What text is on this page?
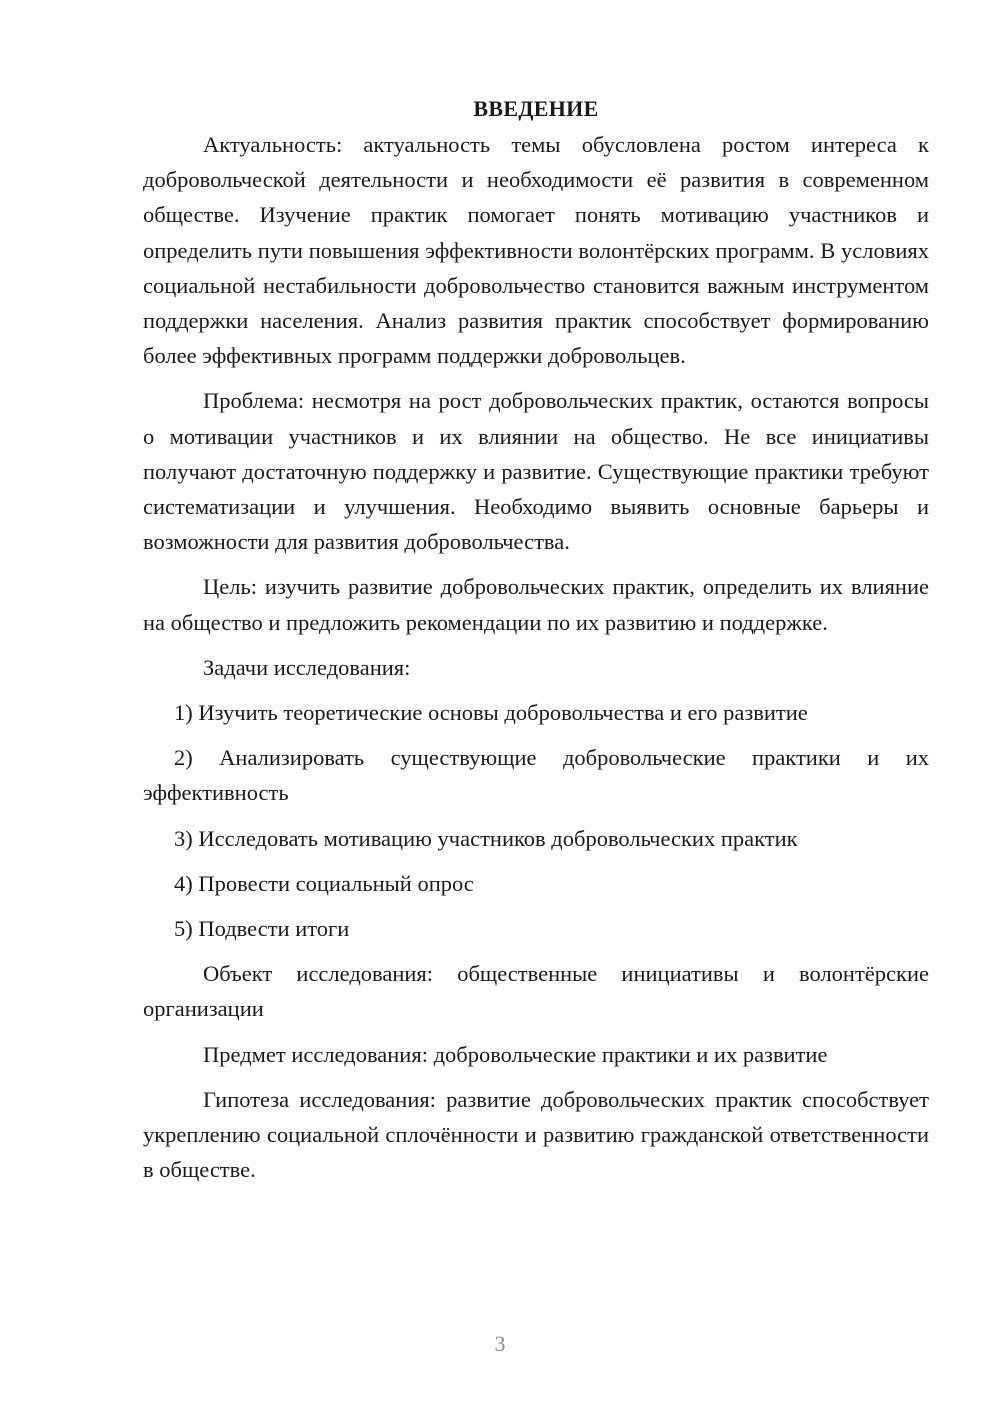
ВВЕДЕНИЕ

Актуальность: актуальность темы обусловлена ростом интереса к добровольческой деятельности и необходимости её развития в современном обществе. Изучение практик помогает понять мотивацию участников и определить пути повышения эффективности волонтёрских программ. В условиях социальной нестабильности добровольчество становится важным инструментом поддержки населения. Анализ развития практик способствует формированию более эффективных программ поддержки добровольцев.

Проблема: несмотря на рост добровольческих практик, остаются вопросы о мотивации участников и их влиянии на общество. Не все инициативы получают достаточную поддержку и развитие. Существующие практики требуют систематизации и улучшения. Необходимо выявить основные барьеры и возможности для развития добровольчества.

Цель: изучить развитие добровольческих практик, определить их влияние на общество и предложить рекомендации по их развитию и поддержке.

Задачи исследования:

1) Изучить теоретические основы добровольчества и его развитие

2) Анализировать существующие добровольческие практики и их эффективность

3) Исследовать мотивацию участников добровольческих практик

4) Провести социальный опрос

5) Подвести итоги

Объект исследования: общественные инициативы и волонтёрские организации

Предмет исследования: добровольческие практики и их развитие

Гипотеза исследования: развитие добровольческих практик способствует укреплению социальной сплочённости и развитию гражданской ответственности в обществе.

3
